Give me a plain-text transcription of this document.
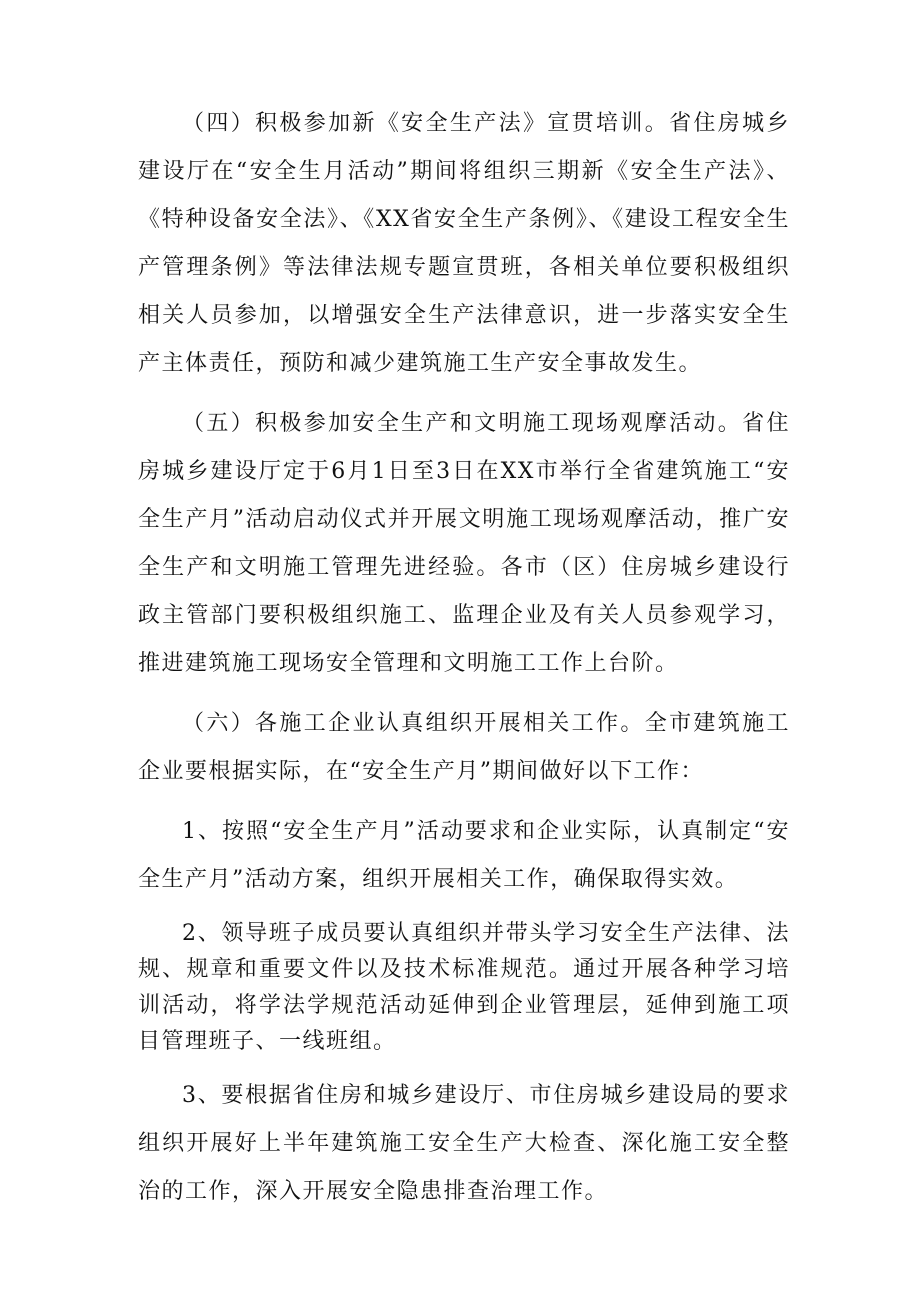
（四）积极参加新《安全生产法》宣贯培训。省住房城乡建设厅在“安全生月活动”期间将组织三期新《安全生产法》、《特种设备安全法》、《XX省安全生产条例》、《建设工程安全生产管理条例》等法律法规专题宣贯班，各相关单位要积极组织相关人员参加，以增强安全生产法律意识，进一步落实安全生产主体责任，预防和减少建筑施工生产安全事故发生。

（五）积极参加安全生产和文明施工现场观摩活动。省住房城乡建设厅定于6月1日至3日在XX市举行全省建筑施工“安全生产月”活动启动仪式并开展文明施工现场观摩活动，推广安全生产和文明施工管理先进经验。各市（区）住房城乡建设行政主管部门要积极组织施工、监理企业及有关人员参观学习，推进建筑施工现场安全管理和文明施工工作上台阶。

（六）各施工企业认真组织开展相关工作。全市建筑施工企业要根据实际，在“安全生产月”期间做好以下工作：

1、按照“安全生产月”活动要求和企业实际，认真制定“安全生产月”活动方案，组织开展相关工作，确保取得实效。

2、领导班子成员要认真组织并带头学习安全生产法律、法规、规章和重要文件以及技术标准规范。通过开展各种学习培训活动，将学法学规范活动延伸到企业管理层，延伸到施工项目管理班子、一线班组。

3、要根据省住房和城乡建设厅、市住房城乡建设局的要求组织开展好上半年建筑施工安全生产大检查、深化施工安全整治的工作，深入开展安全隐患排查治理工作。
